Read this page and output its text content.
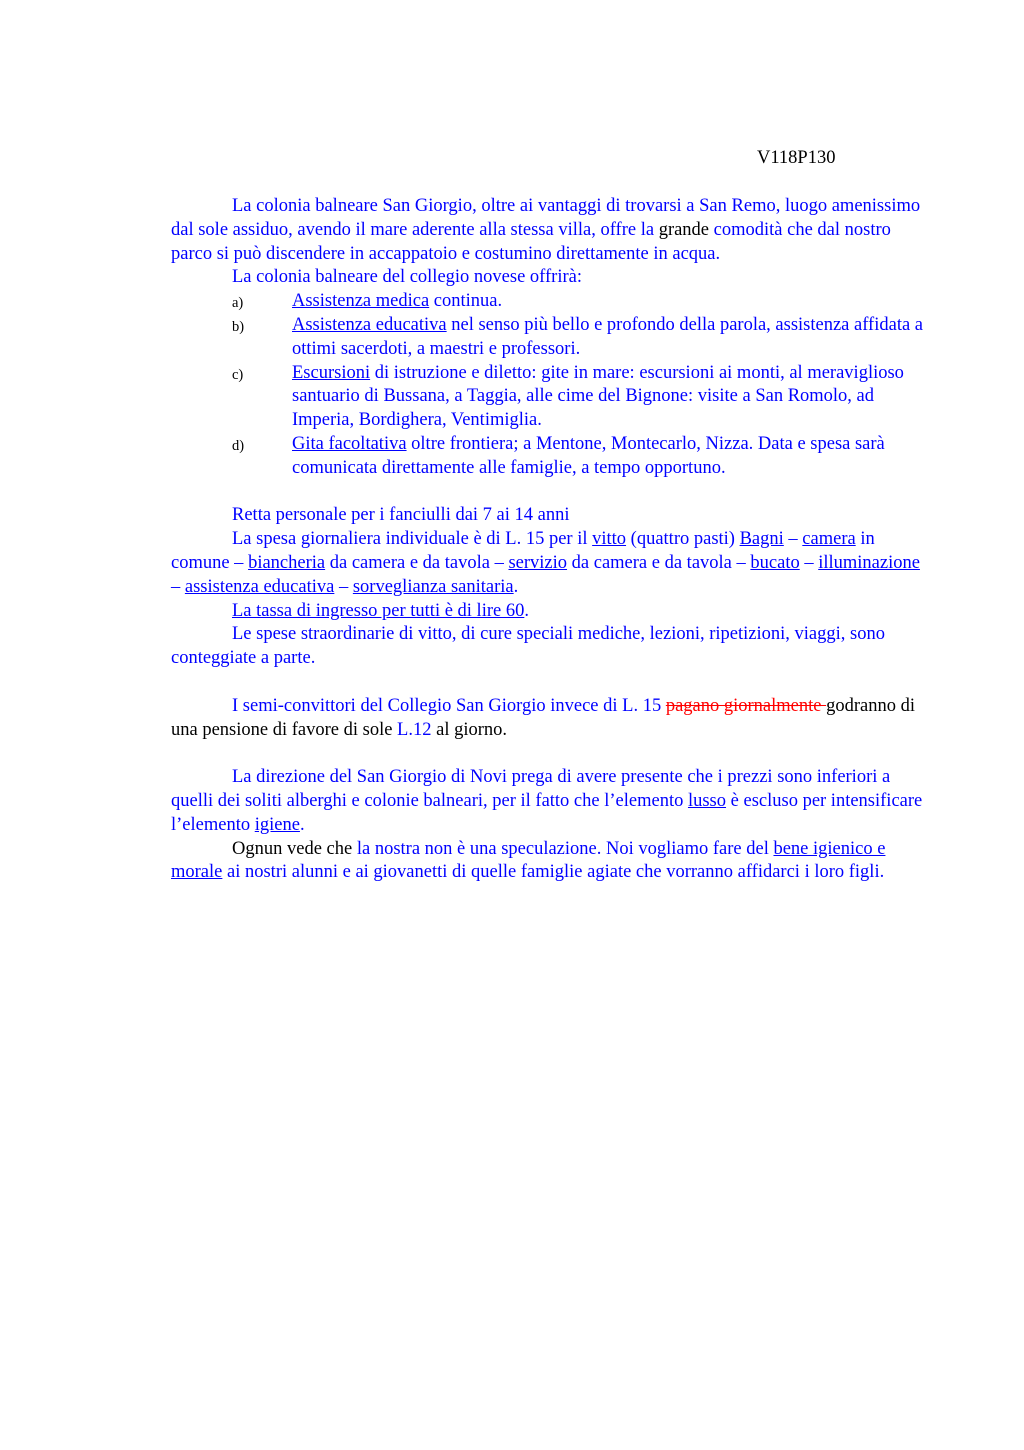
V118P130

La colonia balneare San Giorgio, oltre ai vantaggi di trovarsi a San Remo, luogo amenissimo dal sole assiduo, avendo il mare aderente alla stessa villa, offre la grande comodità che dal nostro parco si può discendere in accappatoio e costumino direttamente in acqua.

La colonia balneare del collegio novese offrirà:

a)	Assistenza medica continua.
b)	Assistenza educativa nel senso più bello e profondo della parola, assistenza affidata a ottimi sacerdoti, a maestri e professori.
c)	Escursioni di istruzione e diletto: gite in mare: escursioni ai monti, al meraviglioso santuario di Bussana, a Taggia, alle cime del Bignone: visite a San Romolo, ad Imperia, Bordighera, Ventimiglia.
d)	Gita facoltativa oltre frontiera; a Mentone, Montecarlo, Nizza. Data e spesa sarà comunicata direttamente alle famiglie, a tempo opportuno.

Retta personale per i fanciulli dai 7 ai 14 anni

La spesa giornaliera individuale è di L. 15 per il vitto (quattro pasti) Bagni – camera in comune – biancheria da camera e da tavola – servizio da camera e da tavola – bucato – illuminazione – assistenza educativa – sorveglianza sanitaria.

La tassa di ingresso per tutti è di lire 60.

Le spese straordinarie di vitto, di cure speciali mediche, lezioni, ripetizioni, viaggi, sono conteggiate a parte.

I semi-convittori del Collegio San Giorgio invece di L. 15 pagano giornalmente godranno di una pensione di favore di sole L.12 al giorno.

La direzione del San Giorgio di Novi prega di avere presente che i prezzi sono inferiori a quelli dei soliti alberghi e colonie balneari, per il fatto che l’elemento lusso è escluso per intensificare l’elemento igiene.

Ognun vede che la nostra non è una speculazione. Noi vogliamo fare del bene igienico e morale ai nostri alunni e ai giovanetti di quelle famiglie agiate che vorranno affidarci i loro figli.
